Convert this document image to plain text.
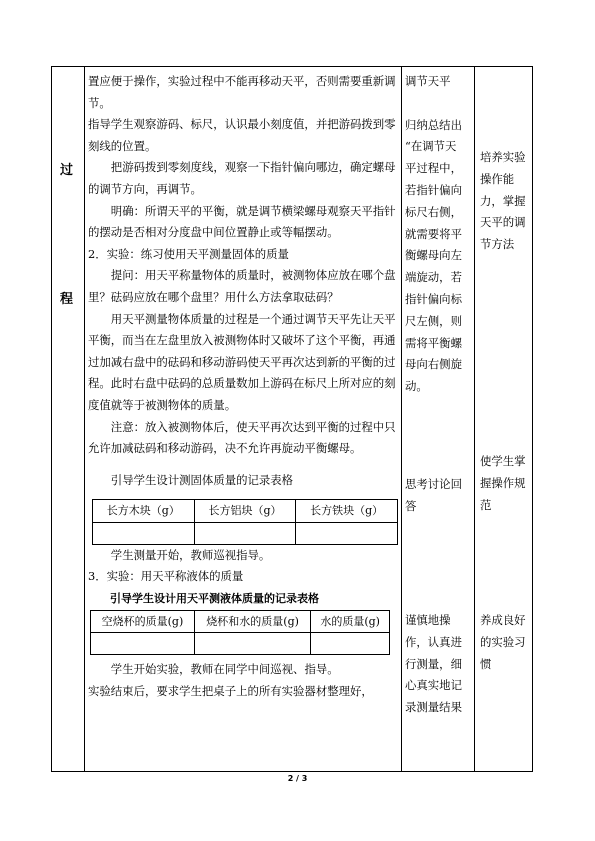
过
程

置应便于操作，实验过程中不能再移动天平，否则需要重新调节。

指导学生观察游码、标尺，认识最小刻度值，并把游码拨到零刻线的位置。

把游码拨到零刻度线，观察一下指针偏向哪边，确定螺母的调节方向，再调节。

明确：所谓天平的平衡，就是调节横梁螺母观察天平指针的摆动是否相对分度盘中间位置静止或等幅摆动。

2．实验：练习使用天平测量固体的质量

提问：用天平称量物体的质量时，被测物体应放在哪个盘里？砝码应放在哪个盘里？用什么方法拿取砝码？

用天平测量物体质量的过程是一个通过调节天平先让天平平衡，而当在左盘里放入被测物体时又破坏了这个平衡，再通过加减右盘中的砝码和移动游码使天平再次达到新的平衡的过程。此时右盘中砝码的总质量数加上游码在标尺上所对应的刻度值就等于被测物体的质量。

注意：放入被测物体后，使天平再次达到平衡的过程中只允许加减砝码和移动游码，决不允许再旋动平衡螺母。

引导学生设计测固体质量的记录表格

长方木块（g）	长方铝块（g）	长方铁块（g）

学生测量开始，教师巡视指导。

3．实验：用天平称液体的质量

引导学生设计用天平测液体质量的记录表格

空烧杯的质量(g)	烧杯和水的质量(g)	水的质量(g)

学生开始实验，教师在同学中间巡视、指导。

实验结束后，要求学生把桌子上的所有实验器材整理好，

调节天平

归纳总结出

“在调节天

平过程中，

若指针偏向

标尺右侧，

就需要将平

衡螺母向左

端旋动，若

指针偏向标

尺左侧，则

需将平衡螺

母向右侧旋

动。

思考讨论回

答

谨慎地操

作，认真进

行测量，细

心真实地记

录测量结果

培养实验

操作能

力，掌握

天平的调

节方法

使学生掌

握操作规

范

养成良好

的实验习

惯

2 / 3
